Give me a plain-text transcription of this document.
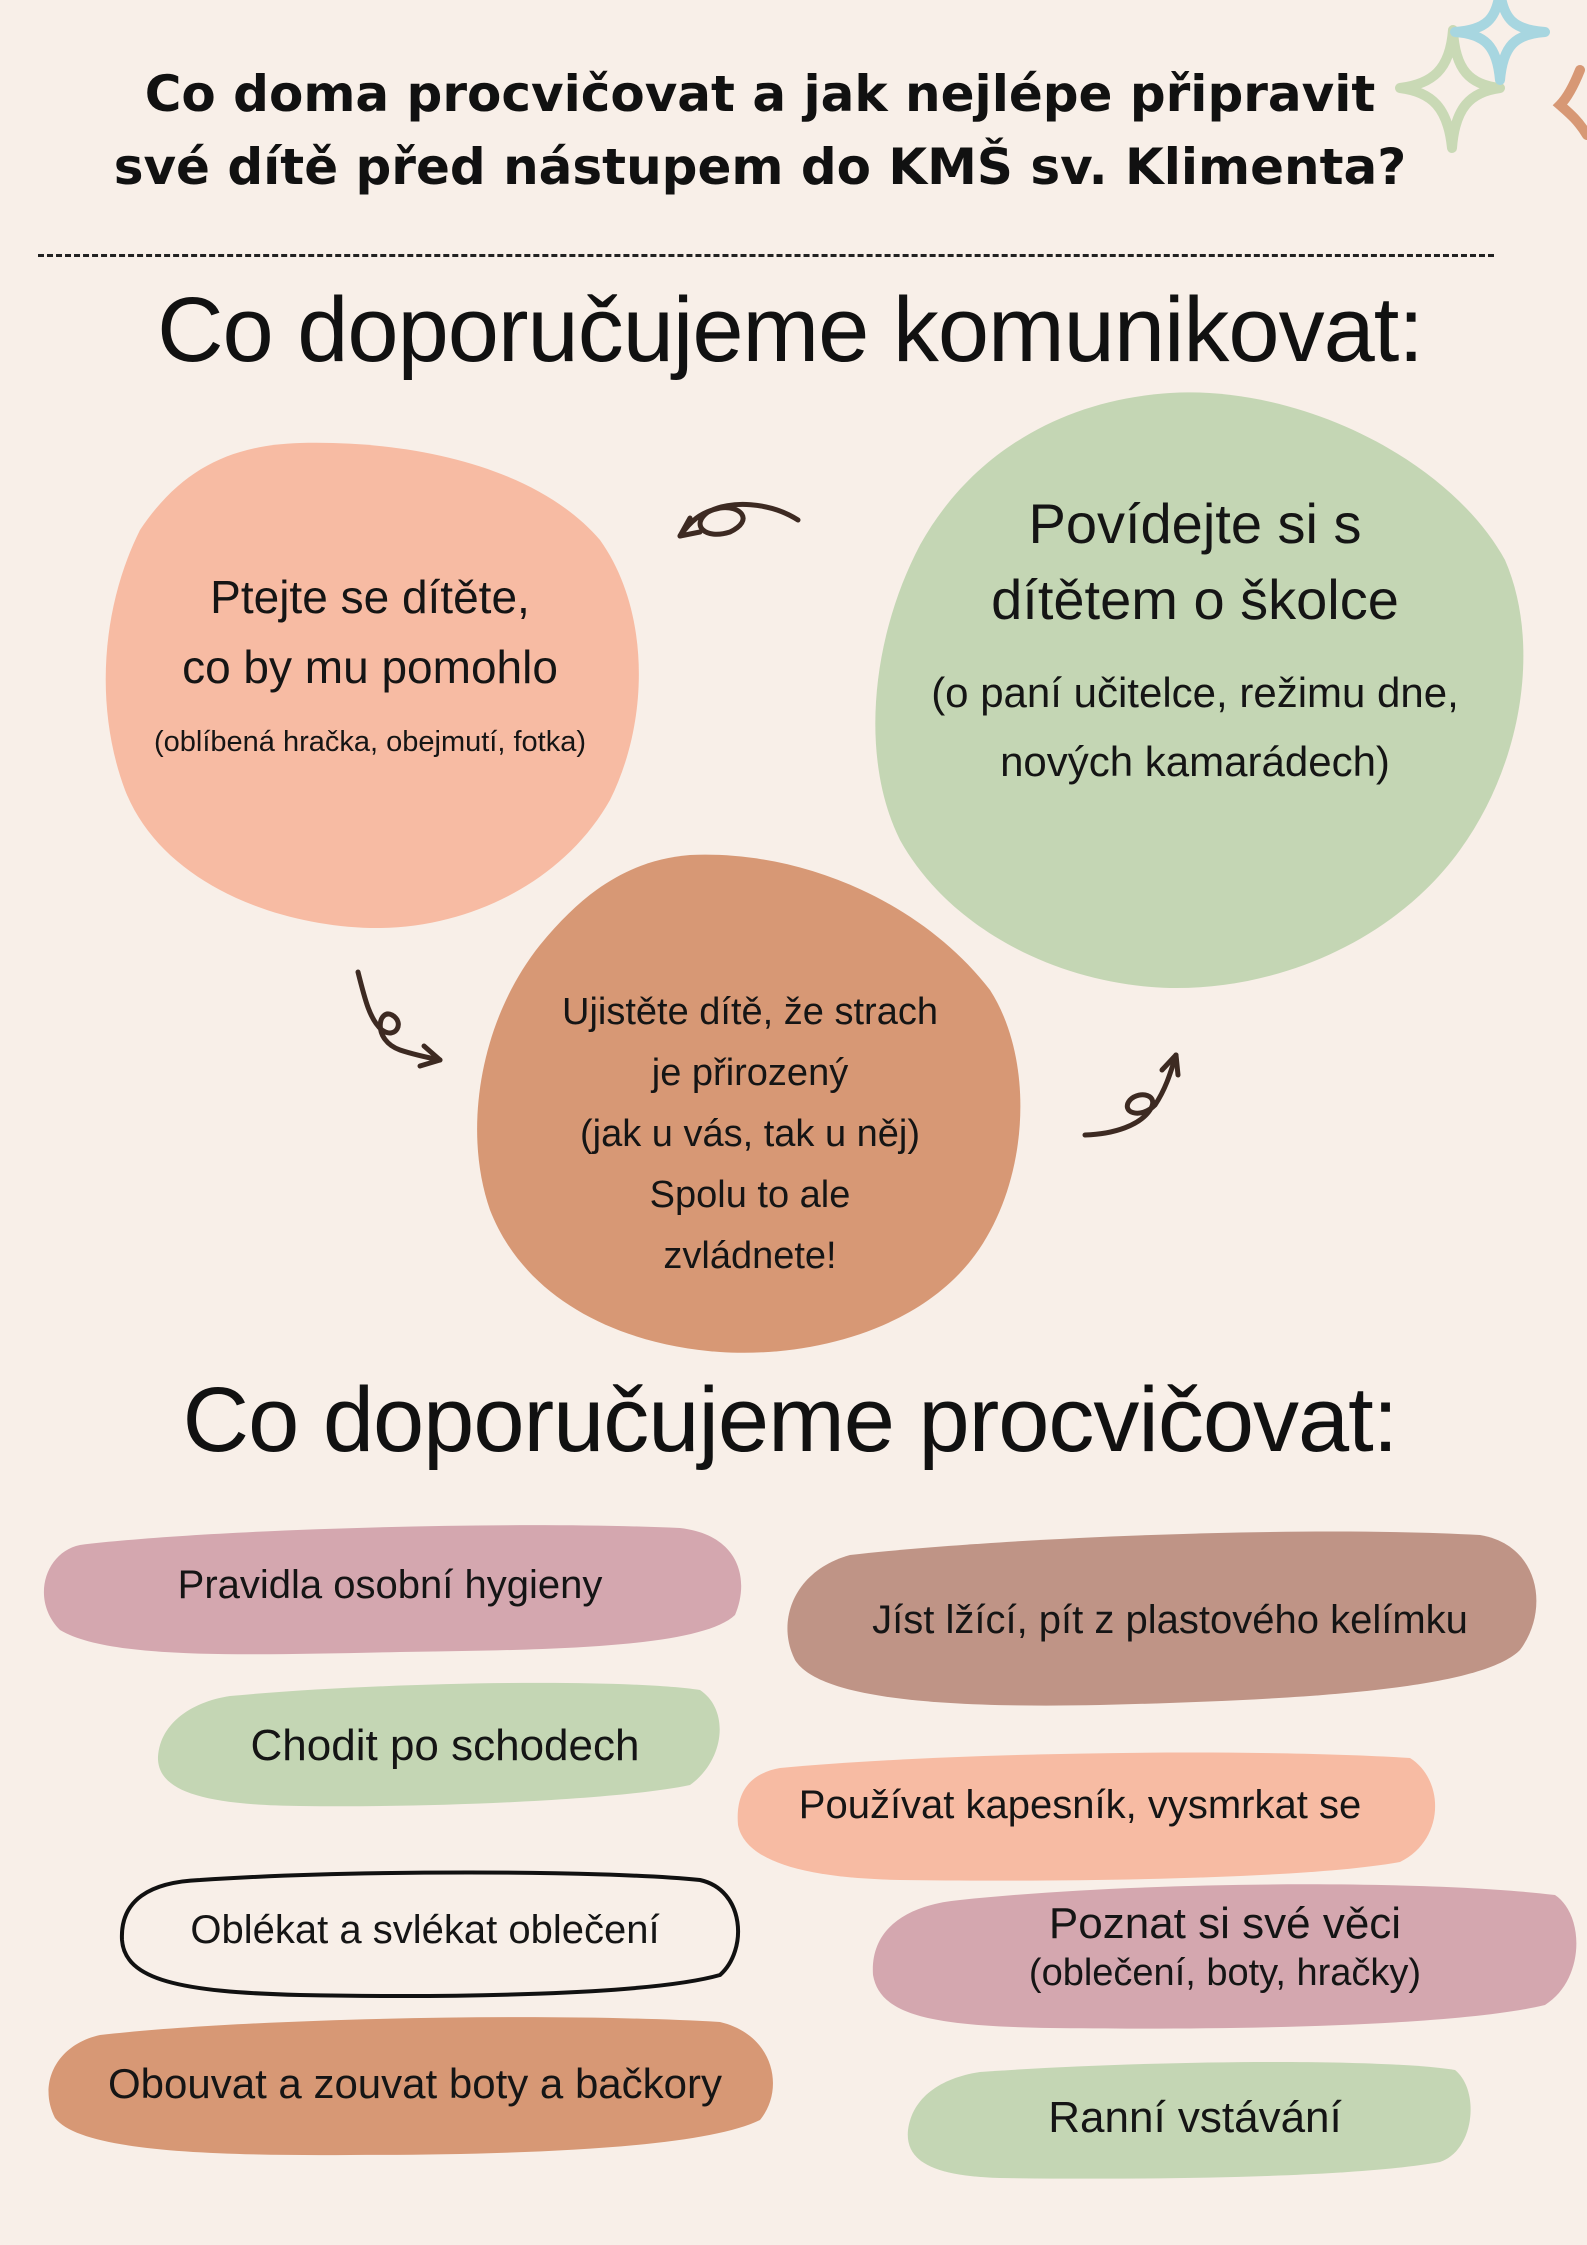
Co doma procvičovat a jak nejlépe připravit
své dítě před nástupem do KMŠ sv. Klimenta?
Co doporučujeme komunikovat:
Ptejte se dítěte,
co by mu pomohlo
(oblíbená hračka, obejmutí, fotka)
Povídejte si s
dítětem o školce
(o paní učitelce, režimu dne,
nových kamarádech)
Ujistěte dítě, že strach
je přirozený
(jak u vás, tak u něj)
Spolu to ale
zvládnete!
Co doporučujeme procvičovat:
Pravidla osobní hygieny
Jíst lžící, pít z plastového kelímku
Chodit po schodech
Používat kapesník, vysmrkat se
Oblékat a svlékat oblečení	Poznat si své věci
(oblečení, boty, hračky)
Obouvat a zouvat boty a bačkory
Ranní vstávání
